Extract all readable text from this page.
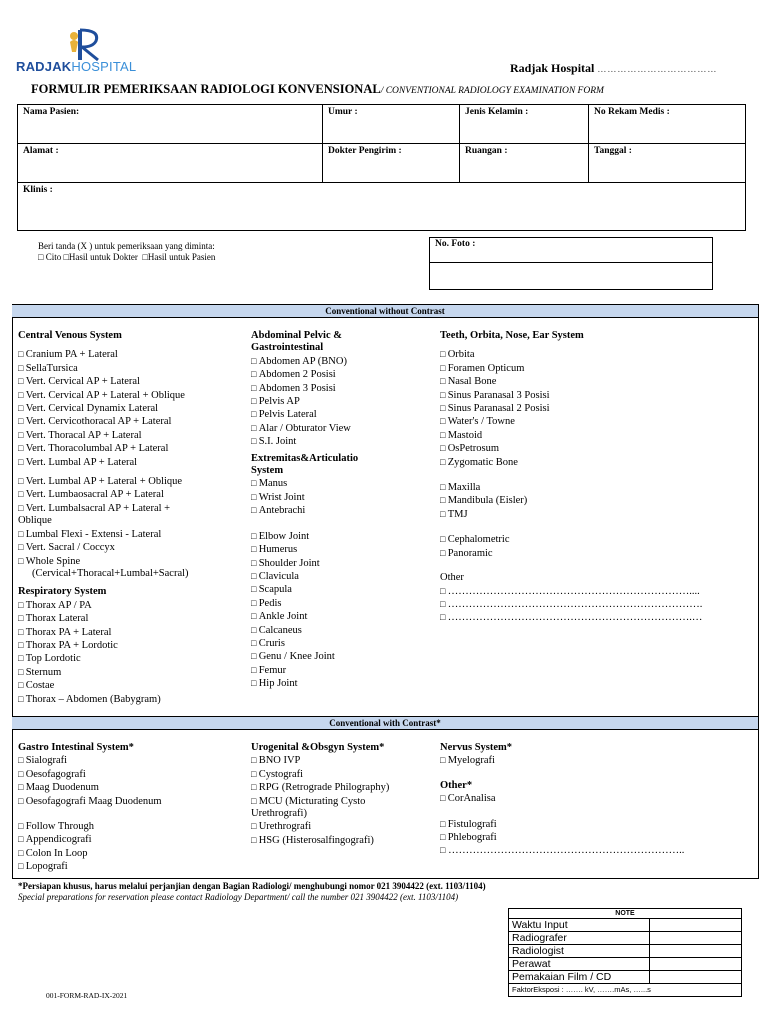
RADJAKHOSPITAL	Radjak Hospital ………………………………
FORMULIR PEMERIKSAAN RADIOLOGI KONVENSIONAL/ CONVENTIONAL RADIOLOGY EXAMINATION FORM
Nama Pasien:	Umur :	Jenis Kelamin :	No Rekam Medis :
Alamat :	Dokter Pengirim :	Ruangan :	Tanggal :
Klinis :			
Beri tanda (X ) untuk pemeriksaan yang diminta:
□ Cito □Hasil untuk Dokter □Hasil untuk Pasien
No. Foto :
Conventional without Contrast
Central Venous System
□ Cranium PA + Lateral
□ SellaTursica
□ Vert. Cervical AP + Lateral
□ Vert. Cervical AP + Lateral + Oblique
□ Vert. Cervical Dynamix Lateral
□ Vert. Cervicothoracal AP + Lateral
□ Vert. Thoracal AP + Lateral
□ Vert. Thoracolumbal AP + Lateral
□ Vert. Lumbal AP + Lateral
□ Vert. Lumbal AP + Lateral + Oblique
□ Vert. Lumbaosacral AP + Lateral
□ Vert. Lumbalsacral AP + Lateral +
Oblique
□ Lumbal Flexi - Extensi - Lateral
□ Vert. Sacral / Coccyx
□ Whole Spine
(Cervical+Thoracal+Lumbal+Sacral)
Respiratory System
□ Thorax AP / PA
□ Thorax Lateral
□ Thorax PA + Lateral
□ Thorax PA + Lordotic
□ Top Lordotic
□ Sternum
□ Costae
□ Thorax – Abdomen (Babygram)
Abdominal Pelvic &
Gastrointestinal
□ Abdomen AP (BNO)
□ Abdomen 2 Posisi
□ Abdomen 3 Posisi
□ Pelvis AP
□ Pelvis Lateral
□ Alar / Obturator View
□ S.I. Joint
Extremitas&Articulatio
System
□ Manus
□ Wrist Joint
□ Antebrachi
□ Elbow Joint
□ Humerus
□ Shoulder Joint
□ Clavicula
□ Scapula
□ Pedis
□ Ankle Joint
□ Calcaneus
□ Cruris
□ Genu / Knee Joint
□ Femur
□ Hip Joint
Teeth, Orbita, Nose, Ear System
□ Orbita
□ Foramen Opticum
□ Nasal Bone
□ Sinus Paranasal 3 Posisi
□ Sinus Paranasal 2 Posisi
□ Water's / Towne
□ Mastoid
□ OsPetrosum
□ Zygomatic Bone
□ Maxilla
□ Mandibula (Eisler)
□ TMJ
□ Cephalometric
□ Panoramic
Other
□ ……………………………………………………………....
□ ……………………………………………………………….
□ …………………………………………………………….…
Conventional with Contrast*
Gastro Intestinal System*
□ Sialografi
□ Oesofagografi
□ Maag Duodenum
□ Oesofagografi Maag Duodenum
□ Follow Through
□ Appendicografi
□ Colon In Loop
□ Lopografi
Urogenital &Obsgyn System*
□ BNO IVP
□ Cystografi
□ RPG (Retrograde Philography)
□ MCU (Micturating Cysto
Urethrografi)
□ Urethrografi
□ HSG (Histerosalfingografi)
Nervus System*
□ Myelografi
Other*
□ CorAnalisa
□ Fistulografi
□ Phlebografi
□ …………………………………………………………..
*Persiapan khusus, harus melalui perjanjian dengan Bagian Radiologi/ menghubungi nomor 021 3904422 (ext. 1103/1104)
Special preparations for reservation please contact Radiology Department/ call the number 021 3904422 (ext. 1103/1104)
001-FORM-RAD-IX-2021
NOTE	
Waktu Input	
Radiografer	
Radiologist	
Perawat	
Pemakaian Film / CD	
FaktorEksposi : ……. kV, …….mAs, …...s	
